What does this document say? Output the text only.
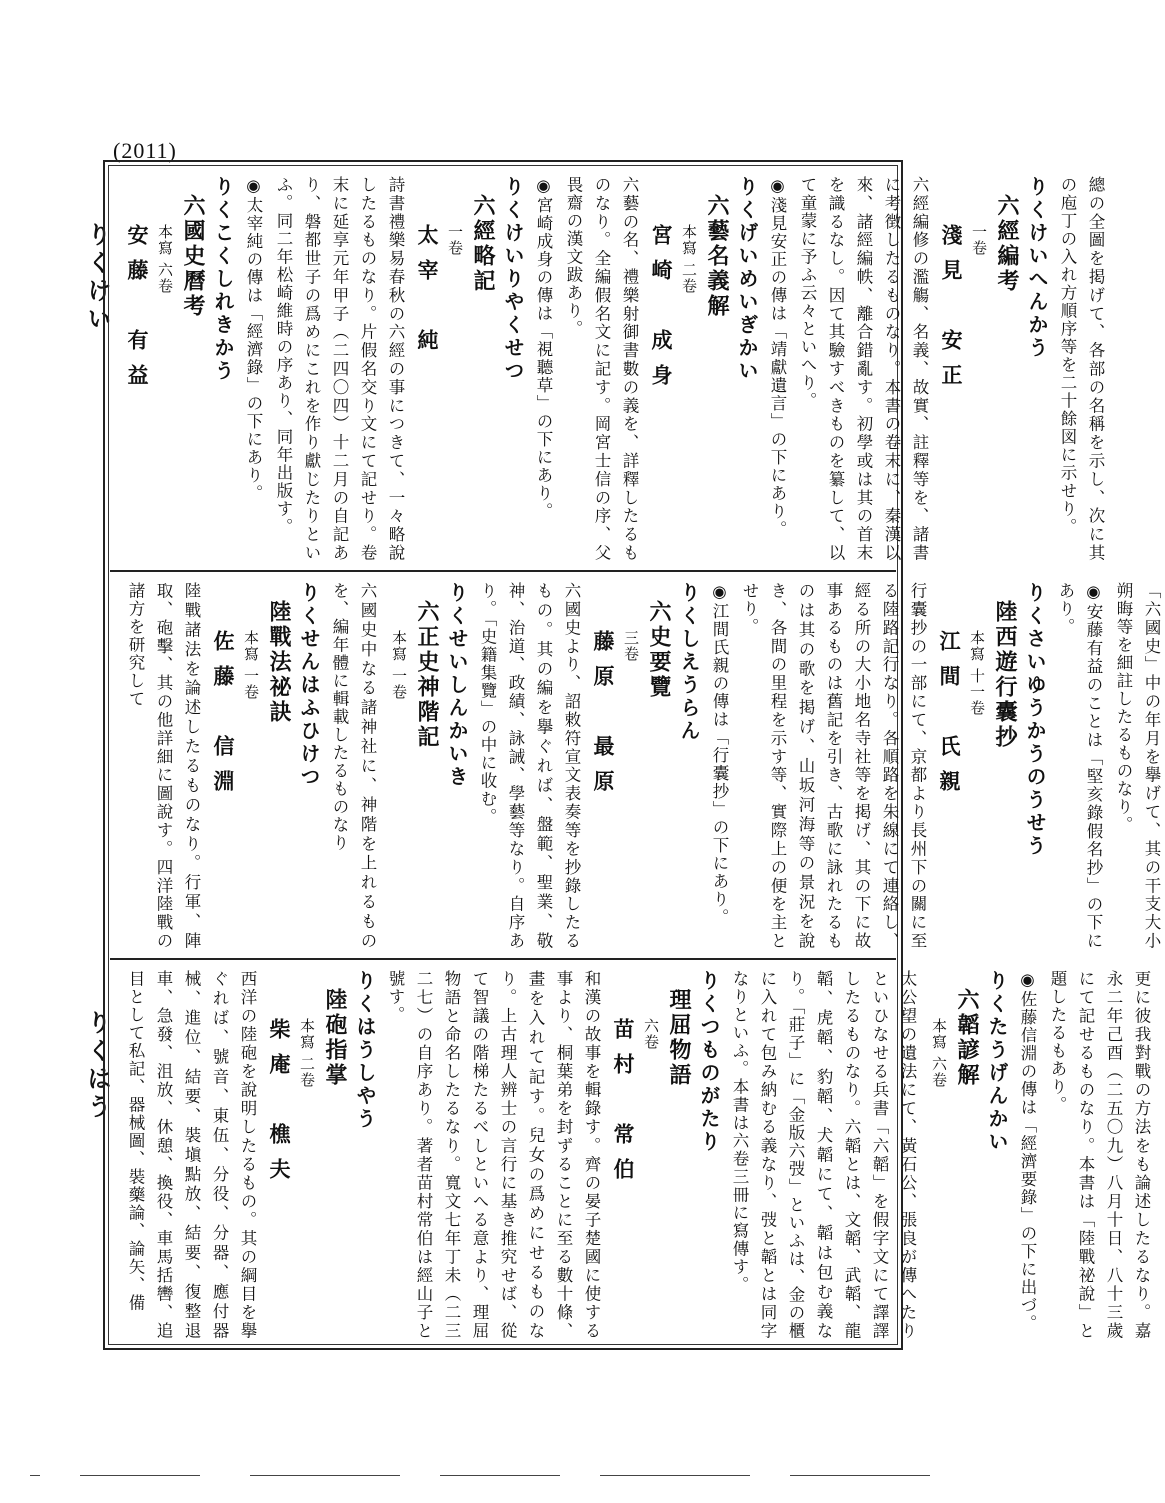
(2011)
りくけい
りくはう

總の全圖を掲げて、各部の名稱を示し、次に其の庖丁の入れ方順序等を二十餘図に示せり。

りくけいへんかう

六經編考
一卷
淺見　安正

六經編修の濫觴、名義、故實、註釋等を、諸書に考徴したるものなり。本書の卷末に、秦漢以來、諸經編帙、離合錯亂す。初學或は其の首末を識るなし。因て其驗すべきものを纂して、以て童蒙に予ふ云々といへり。

◉淺見安正の傳は「靖獻遺言」の下にあり。

りくげいめいぎかい

六藝名義解
本寫 二卷
宮崎　成身

六藝の名、禮樂射御書數の義を、詳釋したるものなり。全編假名文に記す。岡宮士信の序、父畏齋の漢文跋あり。

◉宮崎成身の傳は「視聽草」の下にあり。

りくけいりやくせつ

六經略記
一卷
太宰　純

詩書禮樂易春秋の六經の事につきて、一々略說したるものなり。片假名交り文にて記せり。卷末に延享元年甲子（二四〇四）十二月の自記あり、磐都世子の爲めにこれを作り獻じたりといふ。同二年松崎維時の序あり、同年出版す。

◉太宰純の傳は「經濟錄」の下にあり。

りくこくしれきかう

六國史曆考
本寫 六卷
安藤　有益

「六國史」中の年月を擧げて、其の干支大小朔晦等を細註したるものなり。

◉安藤有益のことは「堅亥錄假名抄」の下にあり。

りくさいゆうかうのうせう

陸西遊行囊抄
本寫 十一卷
江間　氏親

行囊抄の一部にて、京都より長州下の關に至る陸路記行なり。各順路を朱線にて連絡し、經る所の大小地名寺社等を掲げ、其の下に故事あるものは舊記を引き、古歌に詠れたるものは其の歌を掲げ、山坂河海等の景況を說き、各間の里程を示す等、實際上の便を主とせり。

◉江間氏親の傳は「行囊抄」の下にあり。

りくしえうらん

六史要覽
三卷
藤原　最原

六國史より、詔敕符宣文表奏等を抄錄したるもの。其の編を擧ぐれば、盤範、聖業、敬神、治道、政績、詠誡、學藝等なり。自序あり。「史籍集覽」の中に收む。

りくせいしんかいき

六正史神階記
本寫 一卷

六國史中なる諸神社に、神階を上れるものを、編年體に輯載したるものなり

りくせんはふひけつ

陸戰法祕訣
本寫 一卷
佐藤　信淵

陸戰諸法を論述したるものなり。行軍、陣取、砲擊、其の他詳細に圖說す。四洋陸戰の諸方を研究して

更に彼我對戰の方法をも論述したるなり。嘉永二年己酉（二五〇九）八月十日、八十三歲にて記せるものなり。本書は「陸戰祕說」と題したるもあり。

◉佐藤信淵の傳は「經濟要錄」の下に出づ。

りくたうげんかい

六韜諺解
本寫 六卷

太公望の遺法にて、黃石公、張良が傳へたりといひなせる兵書「六韜」を假字文にて譯譯したるものなり。六韜とは、文韜、武韜、龍韜、虎韜、豹韜、犬韜にて、韜は包む義なり。「莊子」に「金版六弢」といふは、金の櫃に入れて包み納むる義なり、弢と韜とは同字なりといふ。本書は六卷三冊に寫傳す。

りくつものがたり

理屈物語
六卷
苗村　常伯

和漢の故事を輯錄す。齊の晏子楚國に使する事より、桐葉弟を封ずることに至る數十條、畫を入れて記す。兒女の爲めにせるものなり。上古理人辨士の言行に基き推究せば、從て智議の階梯たるべしといへる意より、理屈物語と命名したるなり。寬文七年丁未（二三二七）の自序あり。著者苗村常伯は經山子と號す。

りくはうしやう

陸砲指掌
本寫 二卷
柴庵　樵夫

西洋の陸砲を說明したるもの。其の綱目を擧ぐれば、號音、東伍、分役、分器、應付器械、進位、結要、裝塡點放、結要、復整退車、急發、沮放、休憩、換役、車馬括轡、追目として私記、器械圖、裝藥論、論矢、備
